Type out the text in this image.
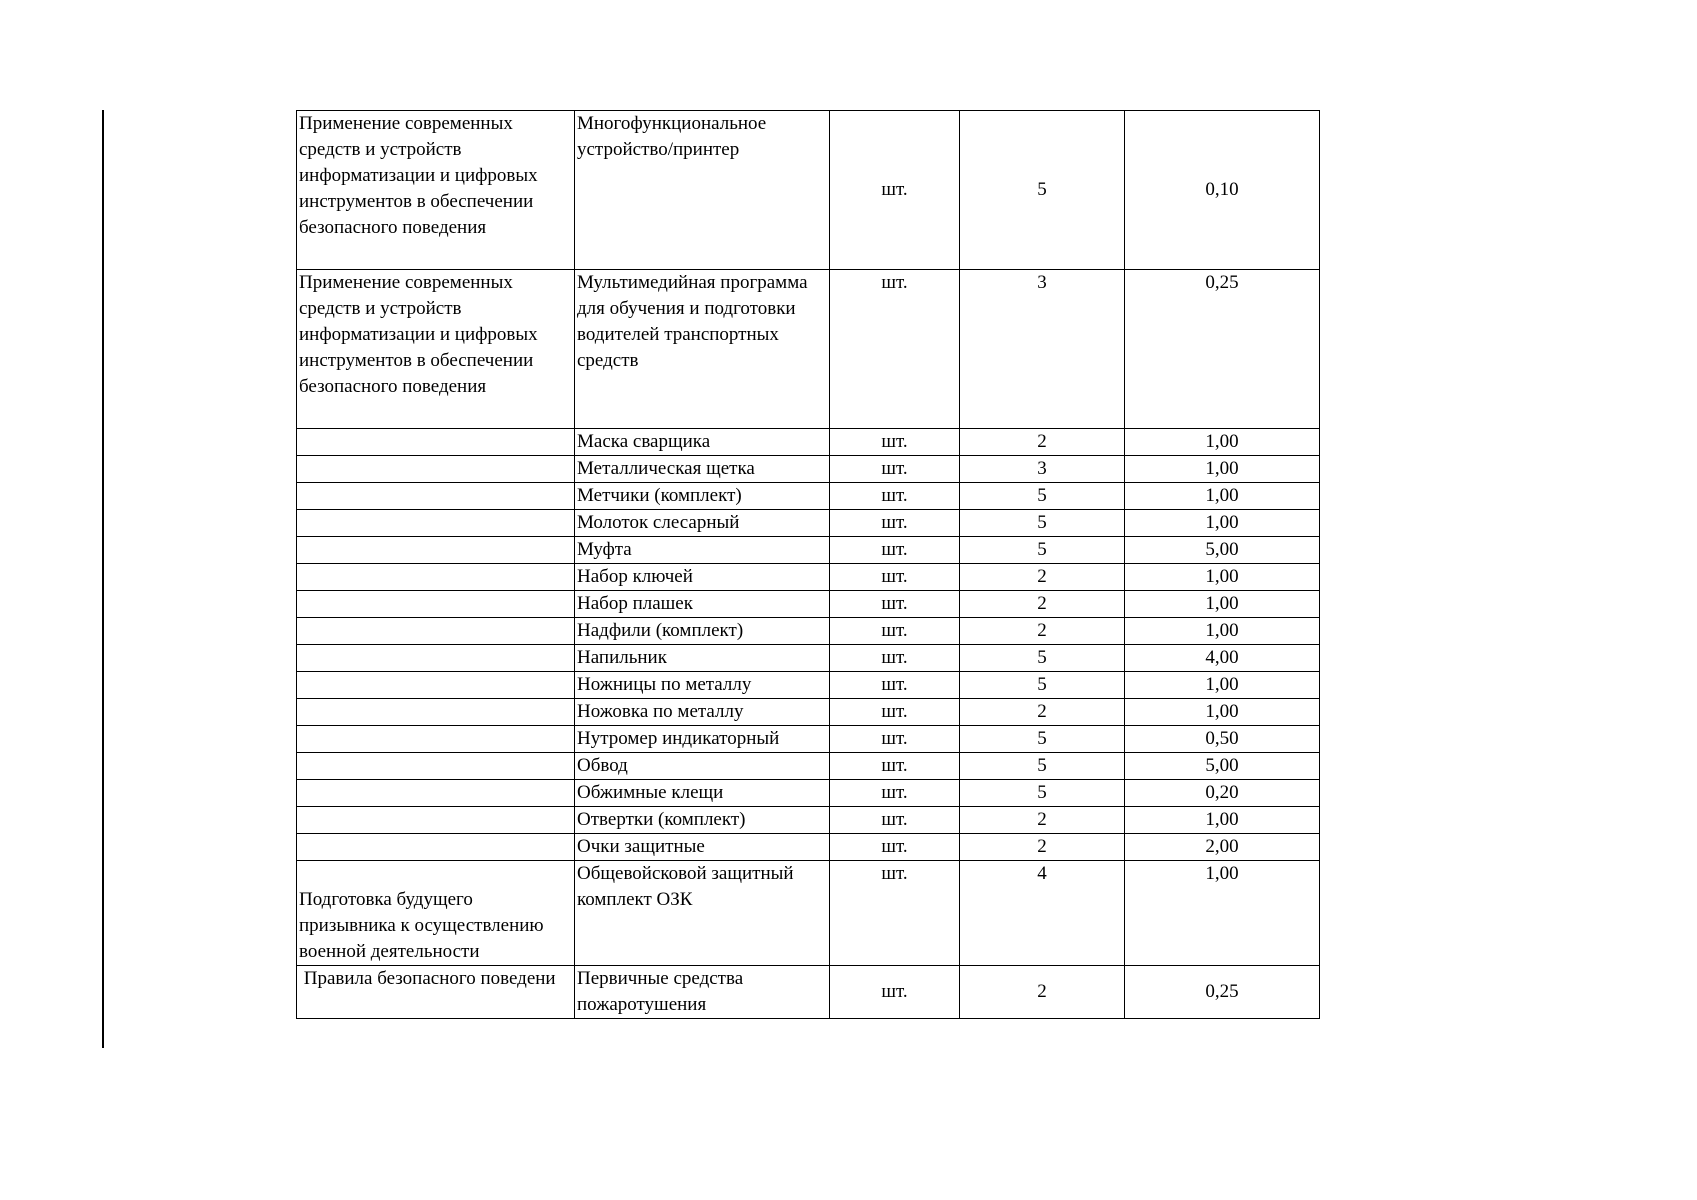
Применение современных средств и устройств информатизации и цифровых инструментов в обеспечении безопасного поведения	Многофункциональное устройство/принтер	шт.	5	0,10
Применение современных средств и устройств информатизации и цифровых инструментов в обеспечении безопасного поведения	Мультимедийная программа для обучения и подготовки водителей транспортных средств	шт.	3	0,25
	Маска сварщика	шт.	2	1,00
	Металлическая щетка	шт.	3	1,00
	Метчики (комплект)	шт.	5	1,00
	Молоток слесарный	шт.	5	1,00
	Муфта	шт.	5	5,00
	Набор ключей	шт.	2	1,00
	Набор плашек	шт.	2	1,00
	Надфили (комплект)	шт.	2	1,00
	Напильник	шт.	5	4,00
	Ножницы по металлу	шт.	5	1,00
	Ножовка по металлу	шт.	2	1,00
	Нутромер индикаторный	шт.	5	0,50
	Обвод	шт.	5	5,00
	Обжимные клещи	шт.	5	0,20
	Отвертки (комплект)	шт.	2	1,00
	Очки защитные	шт.	2	2,00
Подготовка будущего призывника к осуществлению военной деятельности	Общевойсковой защитный комплект ОЗК	шт.	4	1,00
Правила безопасного поведени	Первичные средства пожаротушения	шт.	2	0,25
